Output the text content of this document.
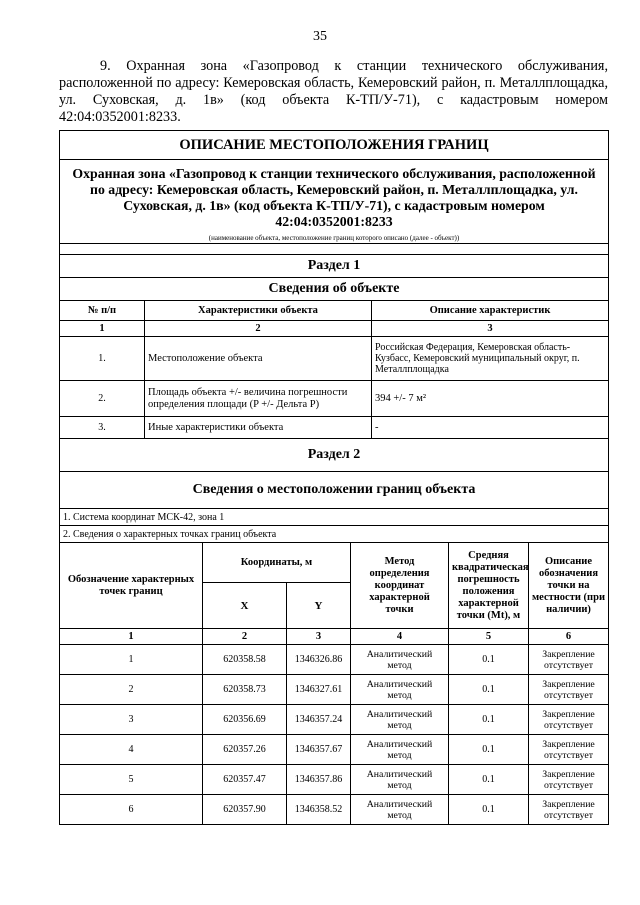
35
9. Охранная зона «Газопровод к станции технического обслуживания, расположенной по адресу: Кемеровская область, Кемеровский район, п. Металлплощадка, ул. Суховская, д. 1в» (код объекта К-ТП/У-71), с кадастровым номером 42:04:0352001:8233.
ОПИСАНИЕ МЕСТОПОЛОЖЕНИЯ ГРАНИЦ							
Охранная зона «Газопровод к станции технического обслуживания, расположенной по адресу: Кемеровская область, Кемеровский район, п. Металлплощадка, ул. Суховская, д. 1в» (код объекта К-ТП/У-71), с кадастровым номером 42:04:0352001:8233							
(наименование объекта, местоположение границ которого описано (далее - объект))							

Раздел 1							
Сведения об объекте							
№ п/п	Характеристики объекта				Описание характеристик		
1	2				3		
1.	Местоположение объекта				Российская Федерация, Кемеровская область-Кузбасс, Кемеровский муниципальный округ, п. Металлплощадка		
2.	Площадь объекта +/- величина погрешности определения площади (P +/- Дельта P)				394 +/- 7 м²		
3.	Иные характеристики объекта				-		
Раздел 2							
Сведения о местоположении границ объекта							
1. Система координат МСК-42, зона 1							
2. Сведения о характерных точках границ объекта							
Обозначение характерных точек границ		Координаты, м		Метод определения координат характерной точки		Средняя квадратическая погрешность положения характерной точки (Mt), м	Описание обозначения точки на местности (при наличии)
		X	Y				
1		2	3	4		5	6
1		620358.58	1346326.86	Аналитический метод		0.1	Закрепление отсутствует
2		620358.73	1346327.61	Аналитический метод		0.1	Закрепление отсутствует
3		620356.69	1346357.24	Аналитический метод		0.1	Закрепление отсутствует
4		620357.26	1346357.67	Аналитический метод		0.1	Закрепление отсутствует
5		620357.47	1346357.86	Аналитический метод		0.1	Закрепление отсутствует
6		620357.90	1346358.52	Аналитический метод		0.1	Закрепление отсутствует
